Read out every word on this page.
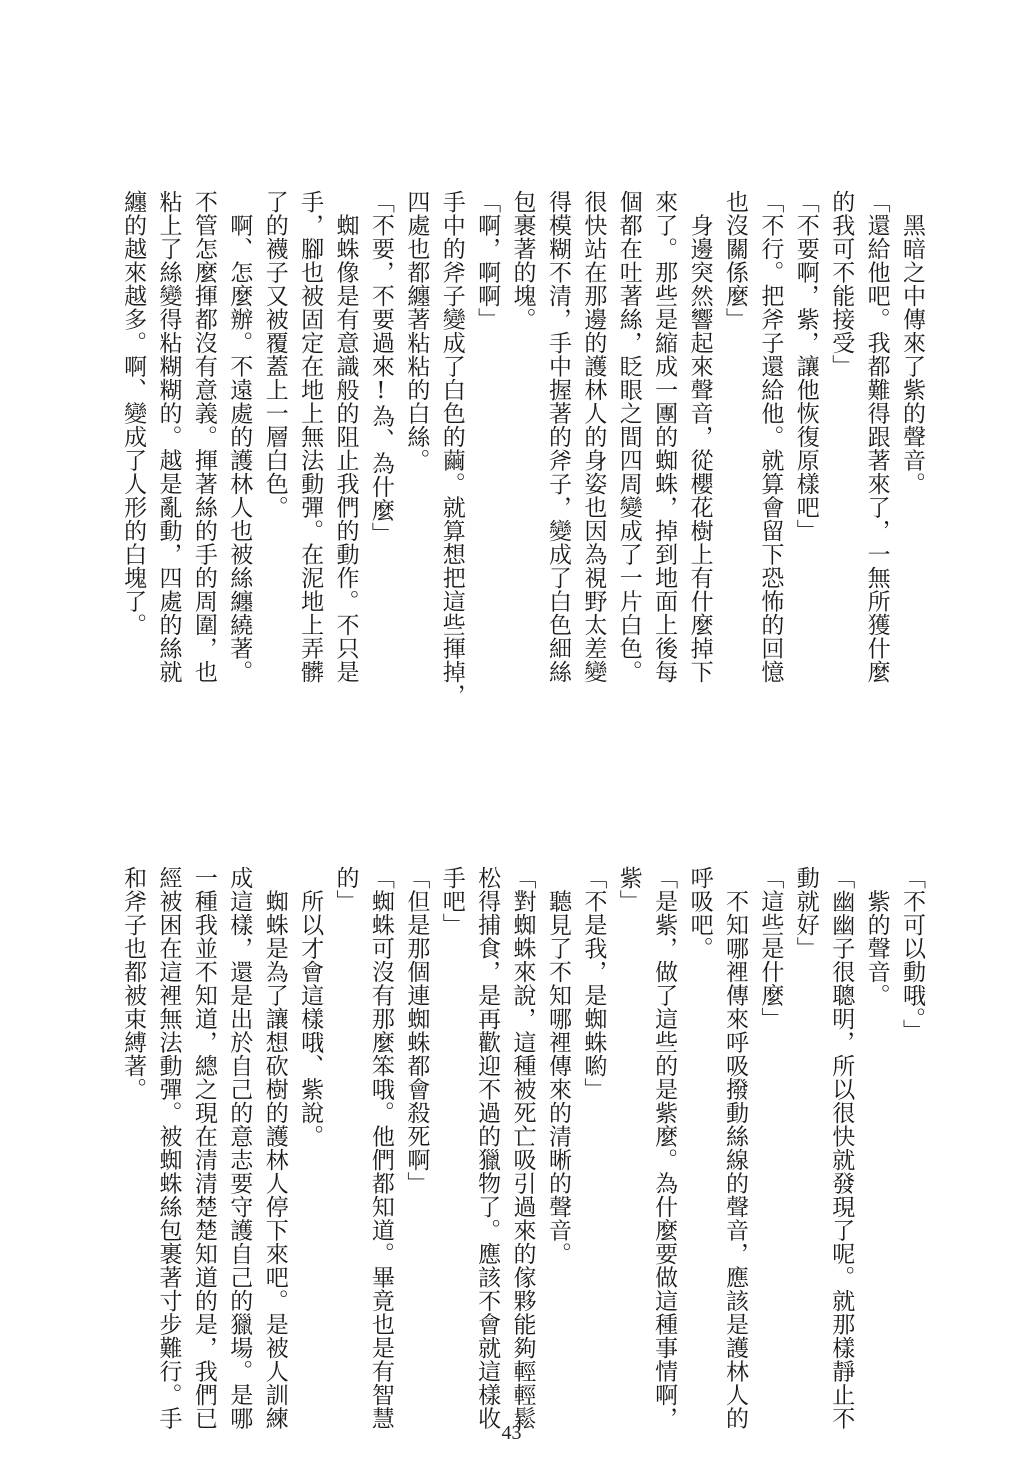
　黑暗之中傳來了紫的聲音。
「還給他吧。我都難得跟著來了，一無所獲什麼
的我可不能接受」
「不要啊，紫，讓他恢復原樣吧」
「不行。把斧子還給他。就算會留下恐怖的回憶
也沒關係麼」
　身邊突然響起來聲音，從櫻花樹上有什麼掉下
來了。那些是縮成一團的蜘蛛，掉到地面上後每
個都在吐著絲，眨眼之間四周變成了一片白色。
很快站在那邊的護林人的身姿也因為視野太差變
得模糊不清，手中握著的斧子，變成了白色細絲
包裹著的塊。
「啊，啊啊」
手中的斧子變成了白色的繭。就算想把這些揮掉，
四處也都纏著粘粘的白絲。
「不要，不要過來!為、為什麼」
　蜘蛛像是有意識般的阻止我們的動作。不只是
手，腳也被固定在地上無法動彈。在泥地上弄髒
了的襪子又被覆蓋上一層白色。
　啊、怎麼辦。不遠處的護林人也被絲纏繞著。
不管怎麼揮都沒有意義。揮著絲的手的周圍，也
粘上了絲變得粘糊糊的。越是亂動，四處的絲就
纏的越來越多。啊、變成了人形的白塊了。
「不可以動哦。」
　紫的聲音。
「幽幽子很聰明，所以很快就發現了呢。就那樣靜止不
動就好」
「這些是什麼」
　不知哪裡傳來呼吸撥動絲線的聲音，應該是護林人的
呼吸吧。
「是紫，做了這些的是紫麼。為什麼要做這種事情啊，
紫」
「不是我，是蜘蛛喲」
　聽見了不知哪裡傳來的清晰的聲音。
「對蜘蛛來說，這種被死亡吸引過來的傢夥能夠輕輕鬆
松得捕食，是再歡迎不過的獵物了。應該不會就這樣收
手吧」
「但是那個連蜘蛛都會殺死啊」
「蜘蛛可沒有那麼笨哦。他們都知道。畢竟也是有智慧
的」
　所以才會這樣哦、紫說。
　蜘蛛是為了讓想砍樹的護林人停下來吧。是被人訓練
成這樣，還是出於自己的意志要守護自己的獵場。是哪
一種我並不知道，總之現在清清楚楚知道的是，我們已
經被困在這裡無法動彈。被蜘蛛絲包裹著寸步難行。手
和斧子也都被束縛著。
43
